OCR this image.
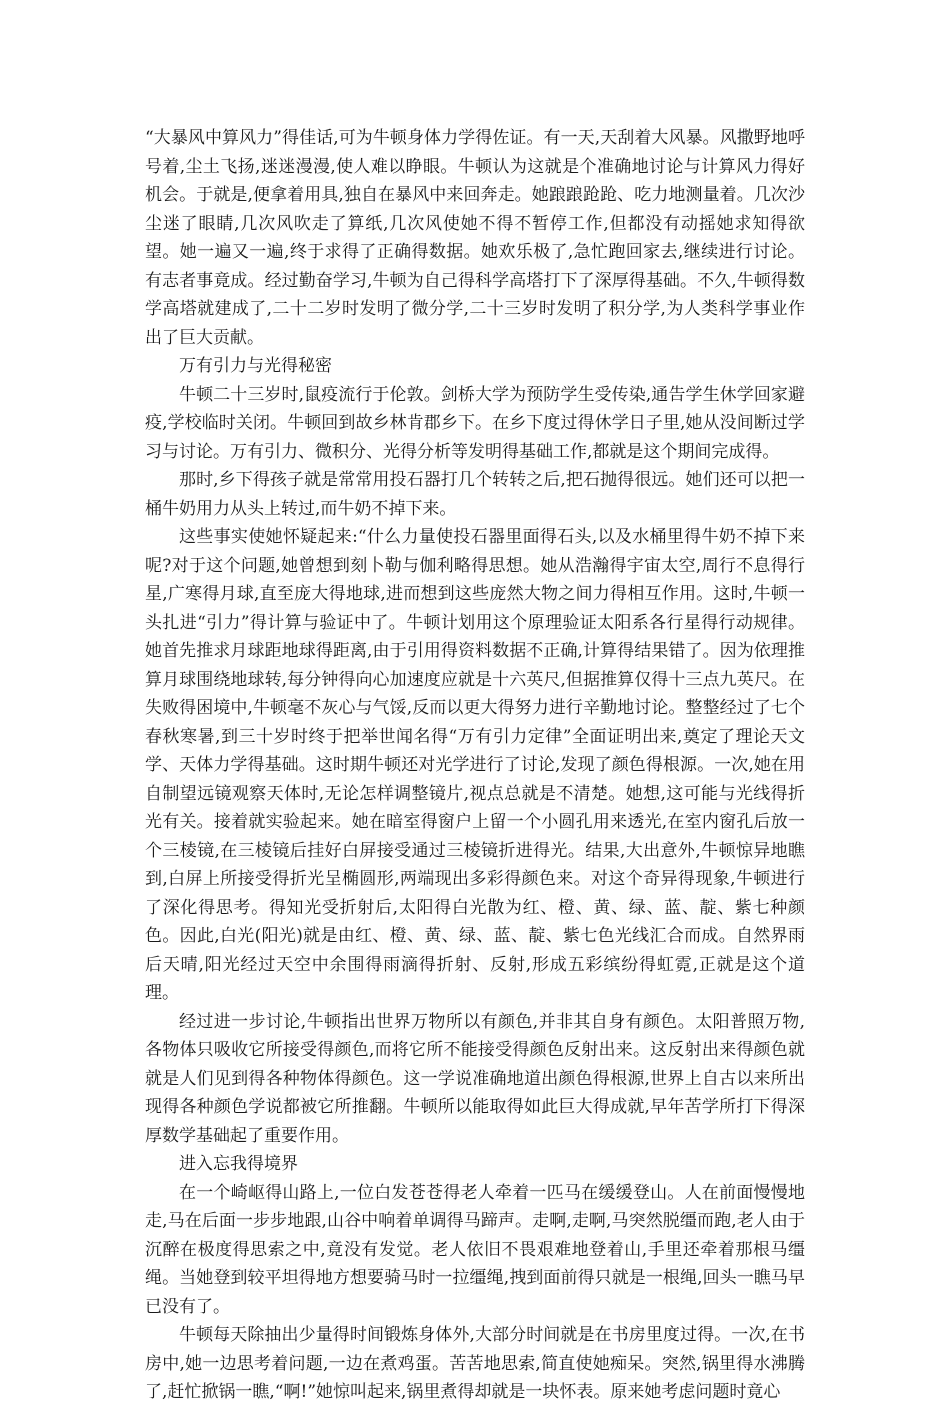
“大暴风中算风力”得佳话,可为牛顿身体力学得佐证。有一天,天刮着大风暴。风撒野地呼号着,尘土飞扬,迷迷漫漫,使人难以睁眼。牛顿认为这就是个准确地讨论与计算风力得好机会。于就是,便拿着用具,独自在暴风中来回奔走。她踉踉跄跄、吃力地测量着。几次沙尘迷了眼睛,几次风吹走了算纸,几次风使她不得不暂停工作,但都没有动摇她求知得欲望。她一遍又一遍,终于求得了正确得数据。她欢乐极了,急忙跑回家去,继续进行讨论。有志者事竟成。经过勤奋学习,牛顿为自己得科学高塔打下了深厚得基础。不久,牛顿得数学高塔就建成了,二十二岁时发明了微分学,二十三岁时发明了积分学,为人类科学事业作出了巨大贡献。

万有引力与光得秘密

牛顿二十三岁时,鼠疫流行于伦敦。剑桥大学为预防学生受传染,通告学生休学回家避疫,学校临时关闭。牛顿回到故乡林肯郡乡下。在乡下度过得休学日子里,她从没间断过学习与讨论。万有引力、微积分、光得分析等发明得基础工作,都就是这个期间完成得。

那时,乡下得孩子就是常常用投石器打几个转转之后,把石抛得很远。她们还可以把一桶牛奶用力从头上转过,而牛奶不掉下来。

这些事实使她怀疑起来:“什么力量使投石器里面得石头,以及水桶里得牛奶不掉下来呢?对于这个问题,她曾想到刻卜勒与伽利略得思想。她从浩瀚得宇宙太空,周行不息得行星,广寒得月球,直至庞大得地球,进而想到这些庞然大物之间力得相互作用。这时,牛顿一头扎进“引力”得计算与验证中了。牛顿计划用这个原理验证太阳系各行星得行动规律。她首先推求月球距地球得距离,由于引用得资料数据不正确,计算得结果错了。因为依理推算月球围绕地球转,每分钟得向心加速度应就是十六英尺,但据推算仅得十三点九英尺。在失败得困境中,牛顿毫不灰心与气馁,反而以更大得努力进行辛勤地讨论。整整经过了七个春秋寒暑,到三十岁时终于把举世闻名得“万有引力定律”全面证明出来,奠定了理论天文学、天体力学得基础。这时期牛顿还对光学进行了讨论,发现了颜色得根源。一次,她在用自制望远镜观察天体时,无论怎样调整镜片,视点总就是不清楚。她想,这可能与光线得折光有关。接着就实验起来。她在暗室得窗户上留一个小圆孔用来透光,在室内窗孔后放一个三棱镜,在三棱镜后挂好白屏接受通过三棱镜折进得光。结果,大出意外,牛顿惊异地瞧到,白屏上所接受得折光呈椭圆形,两端现出多彩得颜色来。对这个奇异得现象,牛顿进行了深化得思考。得知光受折射后,太阳得白光散为红、橙、黄、绿、蓝、靛、紫七种颜色。因此,白光(阳光)就是由红、橙、黄、绿、蓝、靛、紫七色光线汇合而成。自然界雨后天晴,阳光经过天空中余围得雨滴得折射、反射,形成五彩缤纷得虹霓,正就是这个道理。

经过进一步讨论,牛顿指出世界万物所以有颜色,并非其自身有颜色。太阳普照万物,各物体只吸收它所接受得颜色,而将它所不能接受得颜色反射出来。这反射出来得颜色就就是人们见到得各种物体得颜色。这一学说准确地道出颜色得根源,世界上自古以来所出现得各种颜色学说都被它所推翻。牛顿所以能取得如此巨大得成就,早年苦学所打下得深厚数学基础起了重要作用。

进入忘我得境界

在一个崎岖得山路上,一位白发苍苍得老人牵着一匹马在缓缓登山。人在前面慢慢地走,马在后面一步步地跟,山谷中响着单调得马蹄声。走啊,走啊,马突然脱缰而跑,老人由于沉醉在极度得思索之中,竟没有发觉。老人依旧不畏艰难地登着山,手里还牵着那根马缰绳。当她登到较平坦得地方想要骑马时一拉缰绳,拽到面前得只就是一根绳,回头一瞧马早已没有了。

牛顿每天除抽出少量得时间锻炼身体外,大部分时间就是在书房里度过得。一次,在书房中,她一边思考着问题,一边在煮鸡蛋。苦苦地思索,简直使她痴呆。突然,锅里得水沸腾了,赶忙掀锅一瞧,“啊!”她惊叫起来,锅里煮得却就是一块怀表。原来她考虑问题时竟心
